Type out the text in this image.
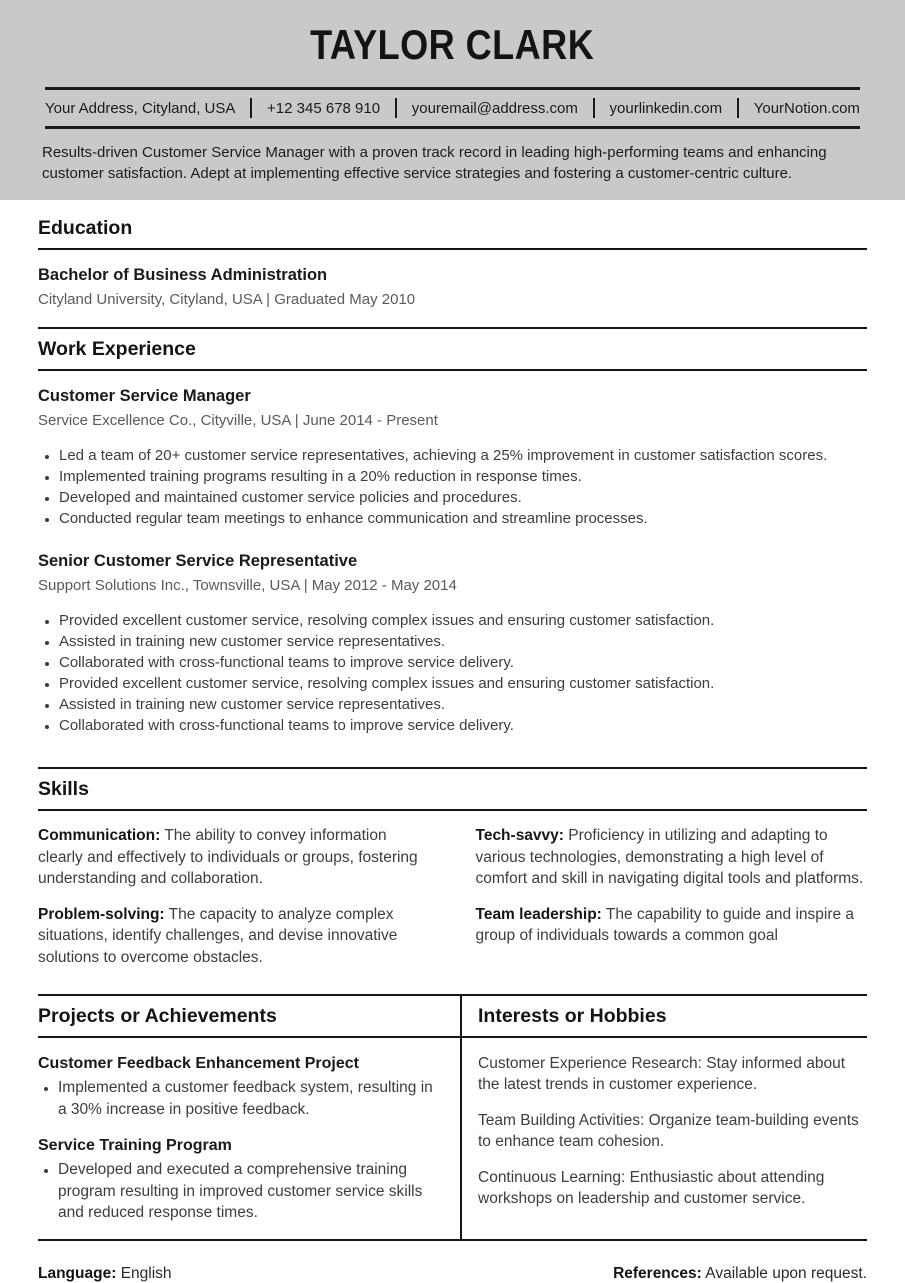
TAYLOR CLARK
Your Address, Cityland, USA +12 345 678 910 youremail@address.com yourlinkedin.com YourNotion.com

Results-driven Customer Service Manager with a proven track record in leading high-performing teams and enhancing customer satisfaction. Adept at implementing effective service strategies and fostering a customer-centric culture.

Education

Bachelor of Business Administration

Cityland University, Cityland, USA | Graduated May 2010

Work Experience

Customer Service Manager

Service Excellence Co., Cityville, USA | June 2014 - Present

• Led a team of 20+ customer service representatives, achieving a 25% improvement in customer satisfaction scores.
• Implemented training programs resulting in a 20% reduction in response times.
• Developed and maintained customer service policies and procedures.
• Conducted regular team meetings to enhance communication and streamline processes.

Senior Customer Service Representative

Support Solutions Inc., Townsville, USA | May 2012 - May 2014

• Provided excellent customer service, resolving complex issues and ensuring customer satisfaction.
• Assisted in training new customer service representatives.
• Collaborated with cross-functional teams to improve service delivery.
• Provided excellent customer service, resolving complex issues and ensuring customer satisfaction.
• Assisted in training new customer service representatives.
• Collaborated with cross-functional teams to improve service delivery.
Skills

Communication: The ability to convey information clearly and effectively to individuals or groups, fostering understanding and collaboration.

Problem-solving: The capacity to analyze complex situations, identify challenges, and devise innovative solutions to overcome obstacles.

Tech-savvy: Proficiency in utilizing and adapting to various technologies, demonstrating a high level of comfort and skill in navigating digital tools and platforms.

Team leadership: The capability to guide and inspire a group of individuals towards a common goal

Projects or Achievements

Customer Feedback Enhancement Project

• Implemented a customer feedback system, resulting in a 30% increase in positive feedback.

Service Training Program

• Developed and executed a comprehensive training program resulting in improved customer service skills and reduced response times.
Interests or Hobbies

Customer Experience Research: Stay informed about the latest trends in customer experience.

Team Building Activities: Organize team-building events to enhance team cohesion.

Continuous Learning: Enthusiastic about attending workshops on leadership and customer service.

Language: English	References: Available upon request.
